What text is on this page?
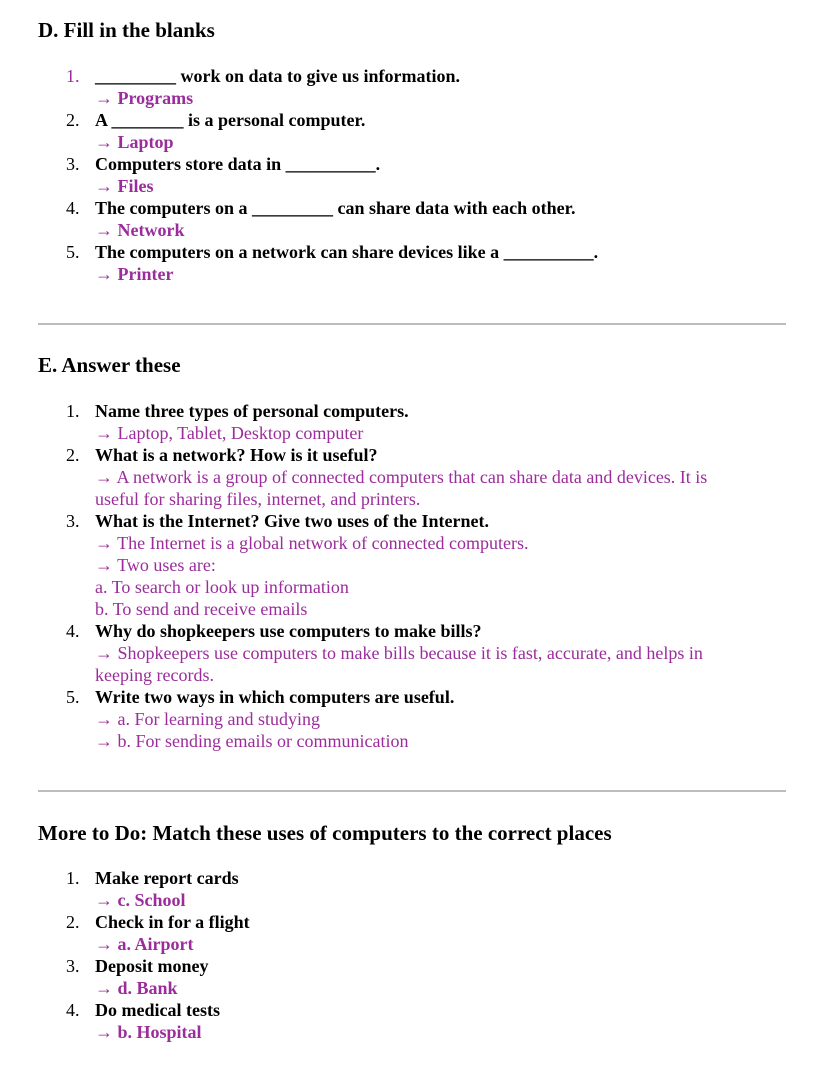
D. Fill in the blanks
1. _________ work on data to give us information.
→ Programs
2. A ________ is a personal computer.
→ Laptop
3. Computers store data in __________.
→ Files
4. The computers on a _________ can share data with each other.
→ Network
5. The computers on a network can share devices like a __________.
→ Printer
E. Answer these
1. Name three types of personal computers.
→ Laptop, Tablet, Desktop computer
2. What is a network? How is it useful?
→ A network is a group of connected computers that can share data and devices. It is
useful for sharing files, internet, and printers.
3. What is the Internet? Give two uses of the Internet.
→ The Internet is a global network of connected computers.
→ Two uses are:
a. To search or look up information
b. To send and receive emails
4. Why do shopkeepers use computers to make bills?
→ Shopkeepers use computers to make bills because it is fast, accurate, and helps in
keeping records.
5. Write two ways in which computers are useful.
→ a. For learning and studying
→ b. For sending emails or communication
More to Do: Match these uses of computers to the correct places
1. Make report cards
→ c. School
2. Check in for a flight
→ a. Airport
3. Deposit money
→ d. Bank
4. Do medical tests
→ b. Hospital
